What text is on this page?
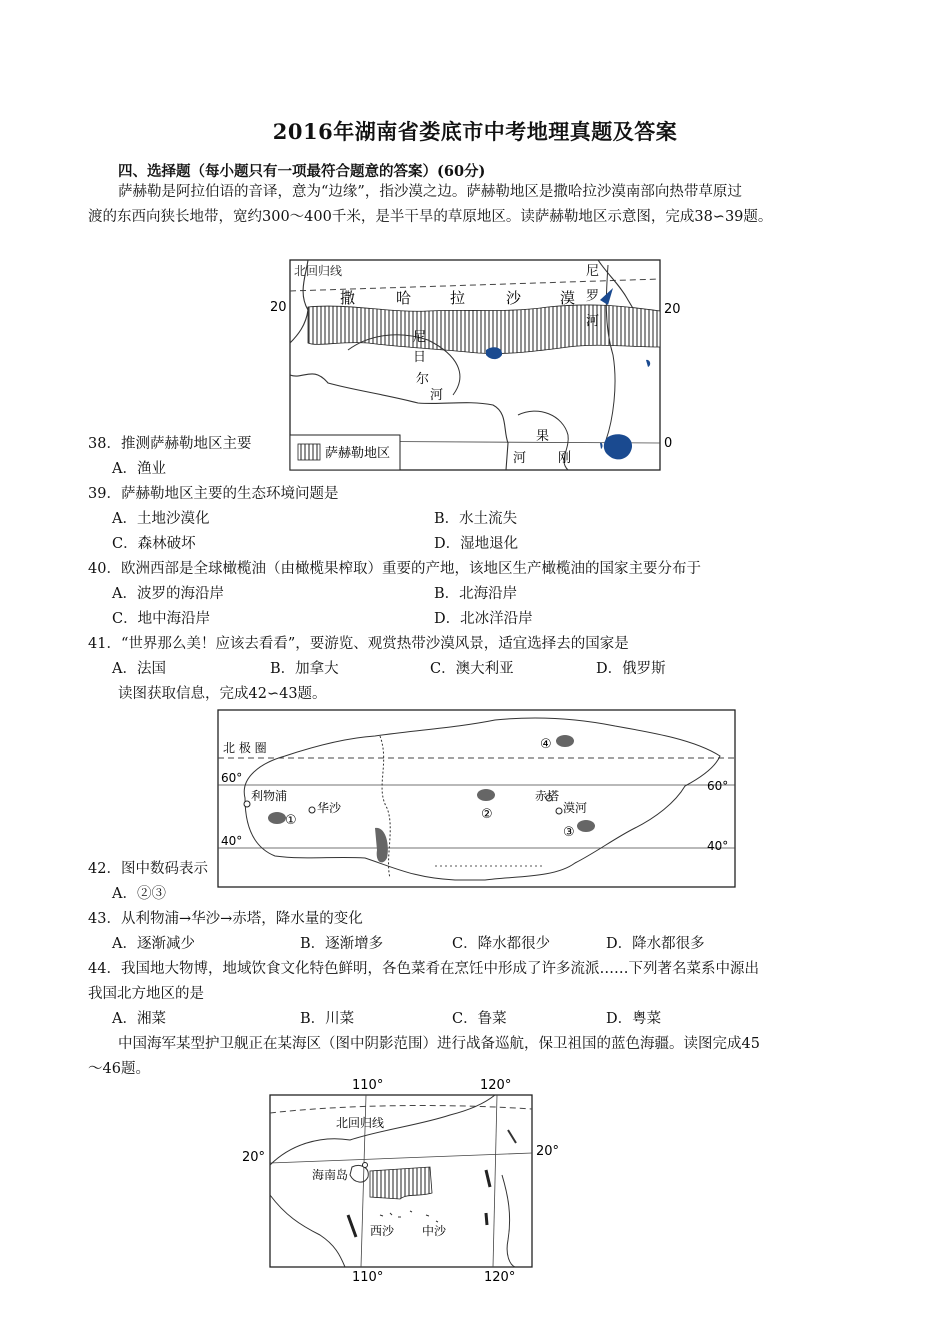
2016年湖南省娄底市中考地理真题及答案
四、选择题（每小题只有一项最符合题意的答案）(60分)
萨赫勒是阿拉伯语的音译，意为“边缘”，指沙漠之边。萨赫勒地区是撒哈拉沙漠南部向热带草原过
渡的东西向狭长地带，宽约300～400千米，是半干旱的草原地区。读萨赫勒地区示意图，完成38∽39题。
北回归线
20	20
0
撒	哈	拉	沙	漠
尼
罗
河
尼
日
尔
河
果
河 刚
萨赫勒地区
38．推测萨赫勒地区主要
A．渔业
39．萨赫勒地区主要的生态环境问题是
A．土地沙漠化	B．水土流失
C．森林破坏	D．湿地退化
40．欧洲西部是全球橄榄油（由橄榄果榨取）重要的产地，该地区生产橄榄油的国家主要分布于
A．波罗的海沿岸	B．北海沿岸
C．地中海沿岸	D．北冰洋沿岸
41．“世界那么美！应该去看看”，要游览、观赏热带沙漠风景，适宜选择去的国家是
A．法国	B．加拿大	C．澳大利亚	D．俄罗斯
读图获取信息，完成42∽43题。
北 极 圈
60°
60°
40°	40°
利物浦
华沙
①	②
赤塔
漠河
③
④
42．图中数码表示
A．②③
43．从利物浦→华沙→赤塔，降水量的变化
A．逐渐减少	B．逐渐增多	C．降水都很少	D．降水都很多
44．我国地大物博，地域饮食文化特色鲜明，各色菜肴在烹饪中形成了许多流派……下列著名菜系中源出
我国北方地区的是
A．湘菜	B．川菜	C．鲁菜	D．粤菜
中国海军某型护卫舰正在某海区（图中阴影范围）进行战备巡航，保卫祖国的蓝色海疆。读图完成45
～46题。
110°	120°
110°	120°
20°	20°
北回归线
海南岛
西沙 中沙
